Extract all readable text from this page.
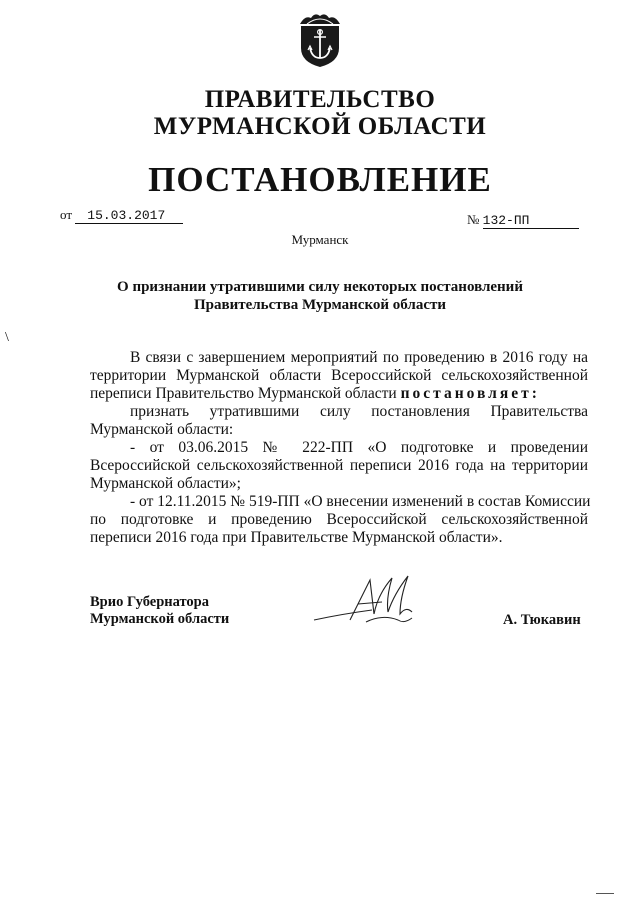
ПРАВИТЕЛЬСТВО
МУРМАНСКОЙ ОБЛАСТИ
ПОСТАНОВЛЕНИЕ
от 15.03.2017	№ 132-ПП
Мурманск
О признании утратившими силу некоторых постановлений
Правительства Мурманской области
\
В связи с завершением мероприятий по проведению в 2016 году на
территории Мурманской области Всероссийской сельскохозяйственной
переписи Правительство Мурманской области постановляет:
признать утратившими силу постановления Правительства
Мурманской области:
- от 03.06.2015 № 222-ПП «О подготовке и проведении
Всероссийской сельскохозяйственной переписи 2016 года на территории
Мурманской области»;
- от 12.11.2015 № 519-ПП «О внесении изменений в состав Комиссии
по подготовке и проведению Всероссийской сельскохозяйственной
переписи 2016 года при Правительстве Мурманской области».
Врио Губернатора
Мурманской области	А. Тюкавин
